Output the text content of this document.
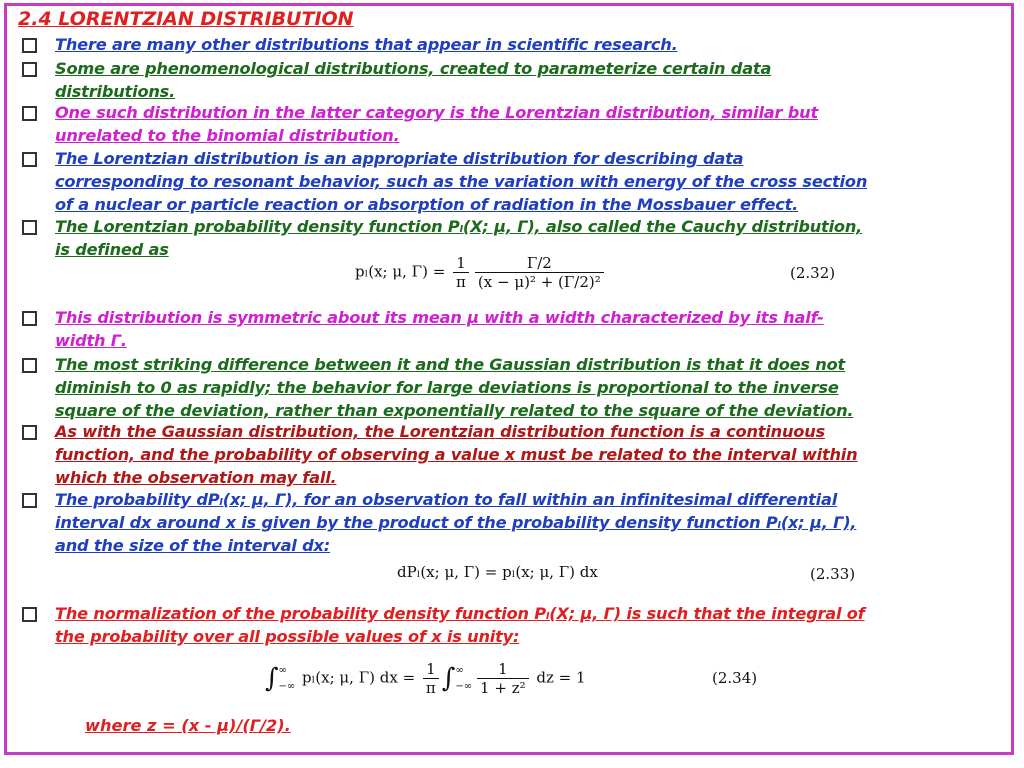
2.4 LORENTZIAN DISTRIBUTION
There are many other distributions that appear in scientific research.
Some are phenomenological distributions, created to parameterize certain data
distributions.
One such distribution in the latter category is the Lorentzian distribution, similar but
unrelated to the binomial distribution.
The Lorentzian distribution is an appropriate distribution for describing data
corresponding to resonant behavior, such as the variation with energy of the cross section
of a nuclear or particle reaction or absorption of radiation in the Mossbauer effect.
The Lorentzian probability density function Pₗ(X; μ, Γ), also called the Cauchy distribution,
is defined as
This distribution is symmetric about its mean μ with a width characterized by its half-
width Γ.
The most striking difference between it and the Gaussian distribution is that it does not
diminish to 0 as rapidly; the behavior for large deviations is proportional to the inverse
square of the deviation, rather than exponentially related to the square of the deviation.
As with the Gaussian distribution, the Lorentzian distribution function is a continuous
function, and the probability of observing a value x must be related to the interval within
which the observation may fall.
The probability dPₗ(x; μ, Γ), for an observation to fall within an infinitesimal differential
interval dx around x is given by the product of the probability density function Pₗ(x; μ, Γ),
and the size of the interval dx:
The normalization of the probability density function Pₗ(X; μ, Γ) is such that the integral of
the probability over all possible values of x is unity:
pₗ(x; μ, $\Gamma) = \frac{1}{\pi} \frac{\Gamma/2}{\text{(x − μ)² + (Γ/2)²}}$	(2.32)
dPₗ(x; μ, Γ) = pₗ(x; μ, Γ) dx	(2.33)
∫ ∞
−∞ pₗ(x; μ, Γ) dx = $\frac{1}{\pi}$ ∫ ∞
−∞ $\frac{1}{\text{1 + z²}}$ dz = 1	(2.34)
where z = (x - μ)/(Γ/2).
